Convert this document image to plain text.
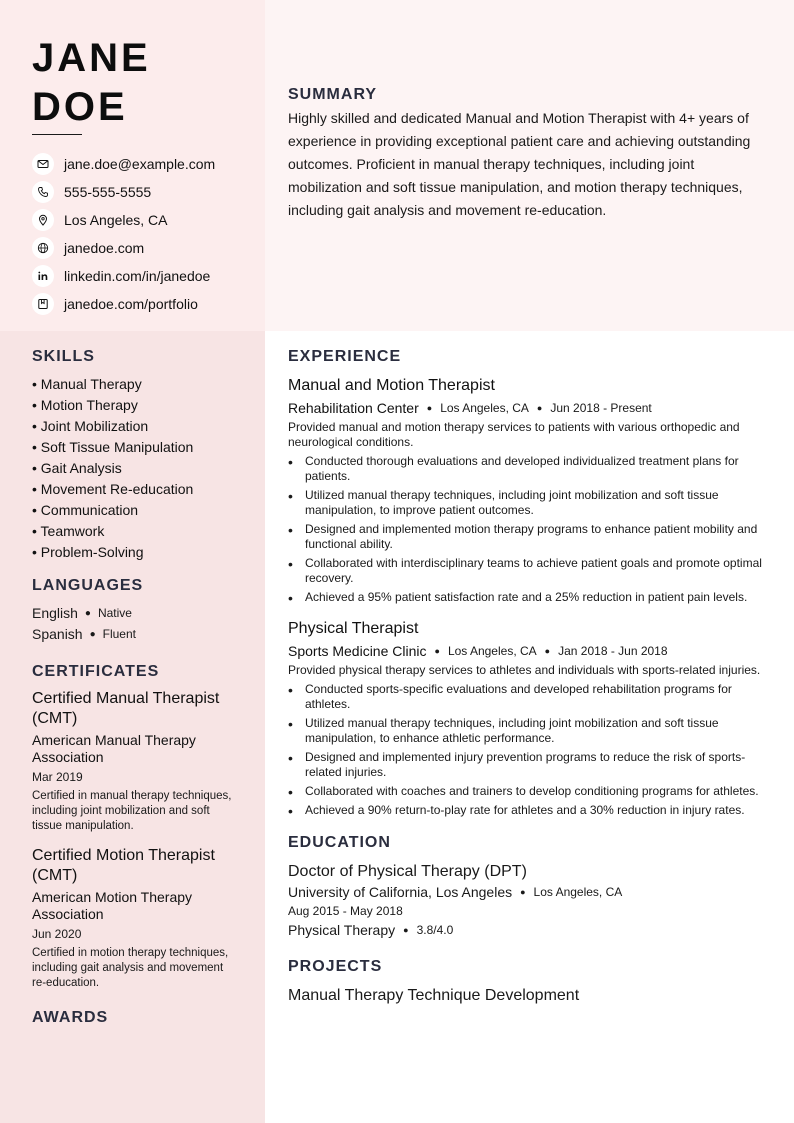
JANE
DOE
jane.doe@example.com
555-555-5555
Los Angeles, CA
janedoe.com
linkedin.com/in/janedoe
janedoe.com/portfolio
SUMMARY

Highly skilled and dedicated Manual and Motion Therapist with 4+ years of experience in providing exceptional patient care and achieving outstanding outcomes. Proficient in manual therapy techniques, including joint mobilization and soft tissue manipulation, and motion therapy techniques, including gait analysis and movement re-education.

SKILLS
• Manual Therapy
• Motion Therapy
• Joint Mobilization
• Soft Tissue Manipulation
• Gait Analysis
• Movement Re-education
• Communication
• Teamwork
• Problem-Solving
LANGUAGES
English ● Native
Spanish ● Fluent
CERTIFICATES
Certified Manual Therapist (CMT)
American Manual Therapy Association
Mar 2019
Certified in manual therapy techniques, including joint mobilization and soft tissue manipulation.
Certified Motion Therapist (CMT)
American Motion Therapy Association
Jun 2020
Certified in motion therapy techniques, including gait analysis and movement re-education.
AWARDS
EXPERIENCE
Manual and Motion Therapist
Rehabilitation Center ● Los Angeles, CA ● Jun 2018 - Present
Provided manual and motion therapy services to patients with various orthopedic and neurological conditions.
• Conducted thorough evaluations and developed individualized treatment plans for patients.
• Utilized manual therapy techniques, including joint mobilization and soft tissue manipulation, to improve patient outcomes.
• Designed and implemented motion therapy programs to enhance patient mobility and functional ability.
• Collaborated with interdisciplinary teams to achieve patient goals and promote optimal recovery.
• Achieved a 95% patient satisfaction rate and a 25% reduction in patient pain levels.
Physical Therapist
Sports Medicine Clinic ● Los Angeles, CA ● Jan 2018 - Jun 2018
Provided physical therapy services to athletes and individuals with sports-related injuries.
• Conducted sports-specific evaluations and developed rehabilitation programs for athletes.
• Utilized manual therapy techniques, including joint mobilization and soft tissue manipulation, to enhance athletic performance.
• Designed and implemented injury prevention programs to reduce the risk of sports-related injuries.
• Collaborated with coaches and trainers to develop conditioning programs for athletes.
• Achieved a 90% return-to-play rate for athletes and a 30% reduction in injury rates.
EDUCATION
Doctor of Physical Therapy (DPT)
University of California, Los Angeles ● Los Angeles, CA
Aug 2015 - May 2018
Physical Therapy ● 3.8/4.0
PROJECTS
Manual Therapy Technique Development
